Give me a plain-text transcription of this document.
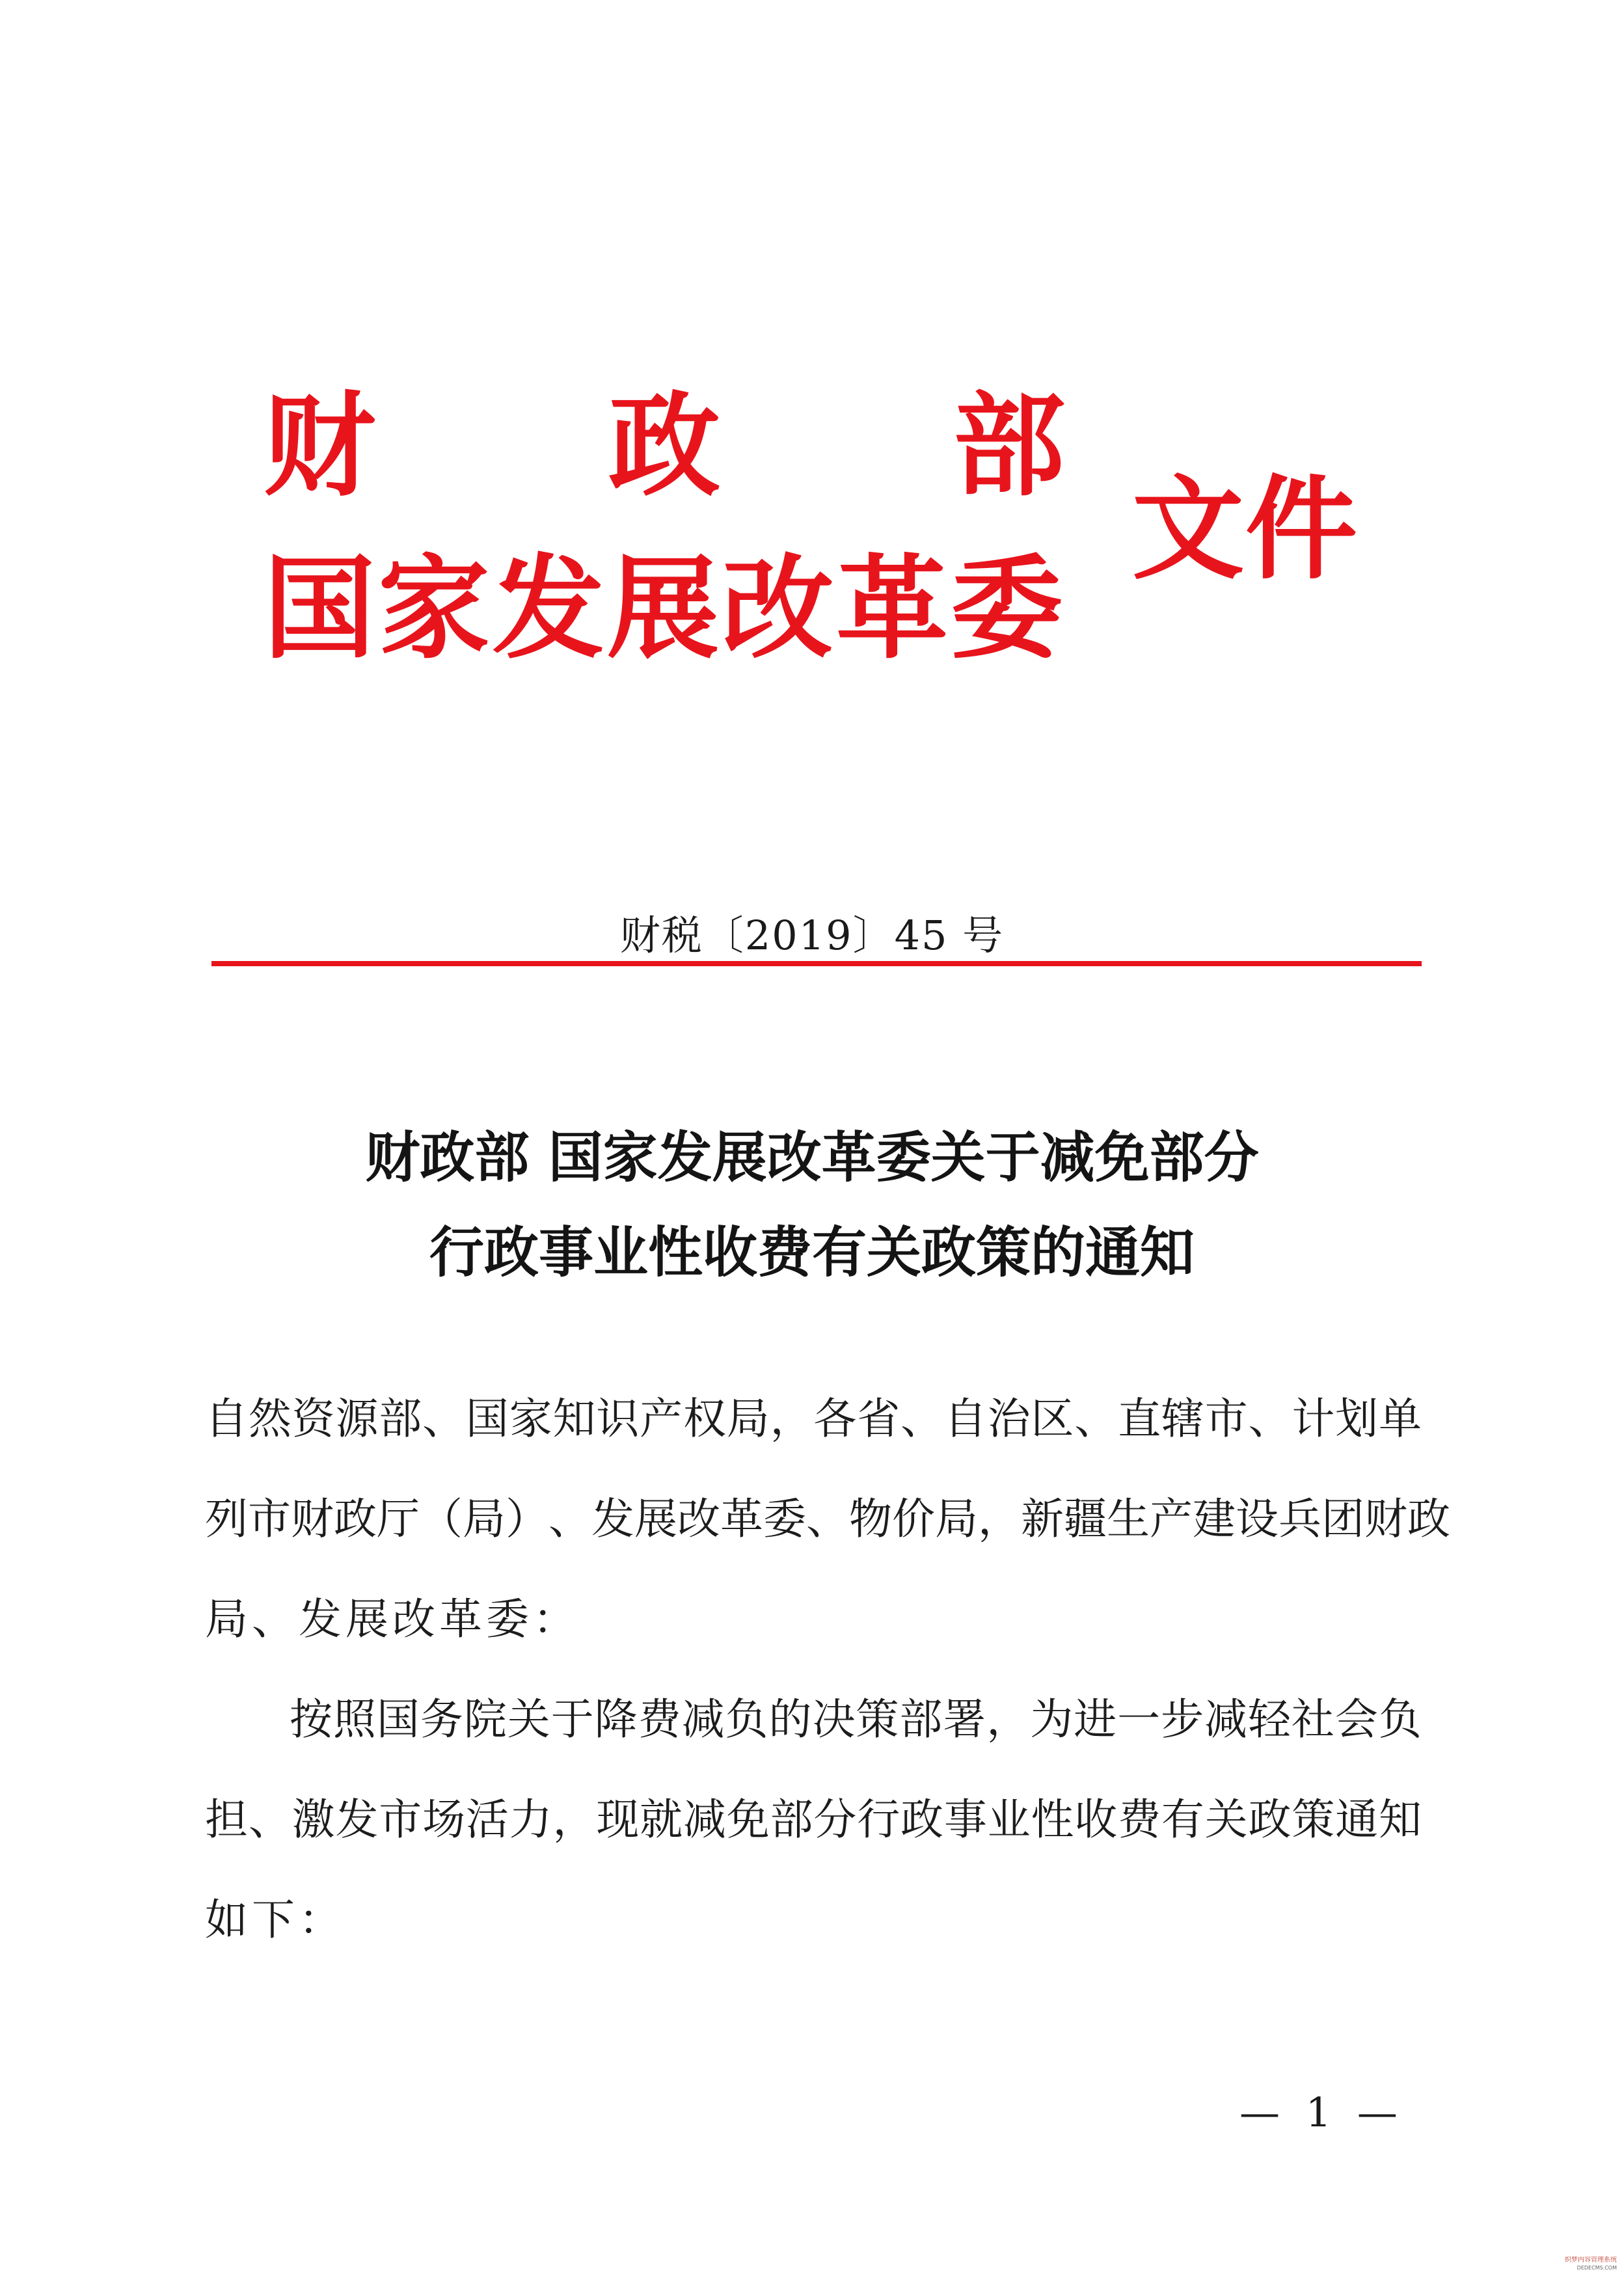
财 政 部
国家发展改革委
文件
财税〔2019〕45 号
财政部 国家发展改革委关于减免部分
行政事业性收费有关政策的通知
自 然 资 源 部 、 国 家 知 识 产 权 局 ， 各 省 、 自 治 区 、 直 辖 市 、 计 划 单
列 市 财 政 厅 （ 局 ） 、 发 展 改 革 委 、 物 价 局 ， 新 疆 生 产 建 设 兵 团 财 政
局、发展改革委：
按 照 国 务 院 关 于 降 费 减 负 的 决 策 部 署 ， 为 进 一 步 减 轻 社 会 负
担 、 激 发 市 场 活 力 ， 现 就 减 免 部 分 行 政 事 业 性 收 费 有 关 政 策 通 知
如下：
— 1 —
织梦内容管理系统
DEDECMS.COM
